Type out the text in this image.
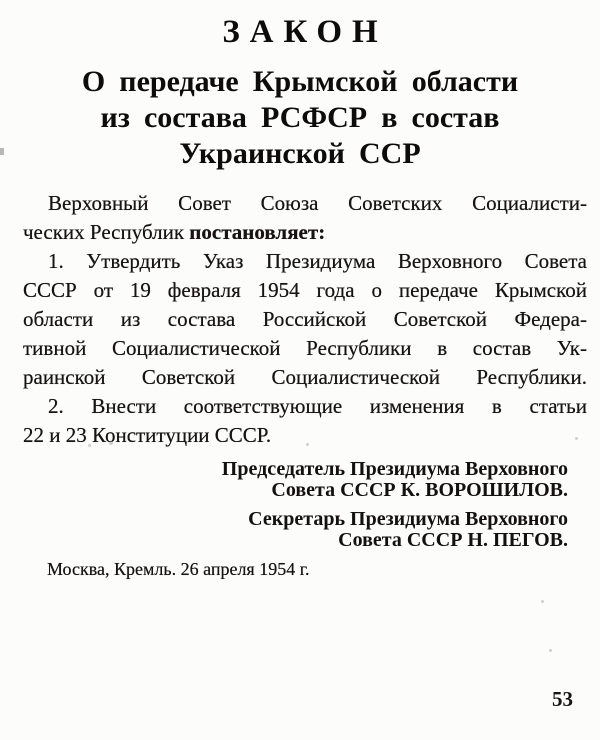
ЗАКОН
О передаче Крымской области
из состава РСФСР в состав
Украинской ССР
Верховный Совет Союза Советских Социалисти-
ческих Республик постановляет:
1. Утвердить Указ Президиума Верховного Совета
СССР от 19 февраля 1954 года о передаче Крымской
области из состава Российской Советской Федера-
тивной Социалистической Республики в состав Ук-
раинской Советской Социалистической Республики.
2. Внести соответствующие изменения в статьи
22 и 23 Конституции СССР.
Председатель Президиума Верховного
Совета СССР К. ВОРОШИЛОВ.
Секретарь Президиума Верховного
Совета СССР Н. ПЕГОВ.
Москва, Кремль. 26 апреля 1954 г.
53
